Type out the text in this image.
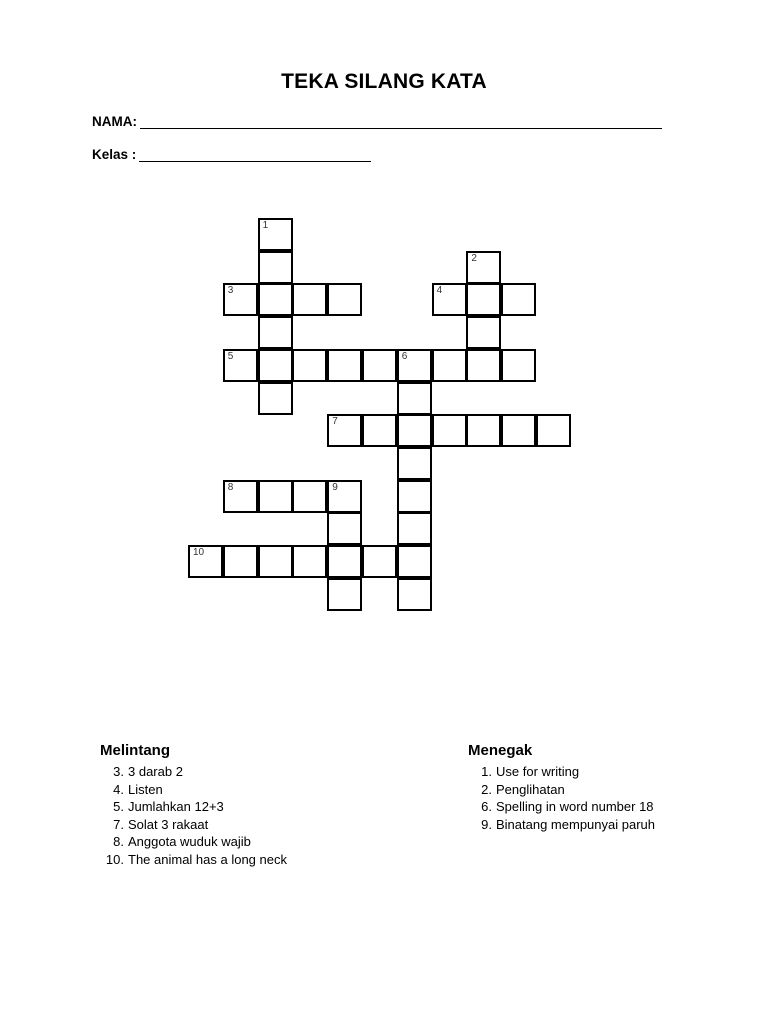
TEKA SILANG KATA
NAMA:
Kelas :
1
2
3	4
5	6
7
8	9
10
Melintang
3. 3 darab 2
4. Listen
5. Jumlahkan 12+3
7. Solat 3 rakaat
8. Anggota wuduk wajib
10. The animal has a long neck
Menegak
1. Use for writing
2. Penglihatan
6. Spelling in word number 18
9. Binatang mempunyai paruh
